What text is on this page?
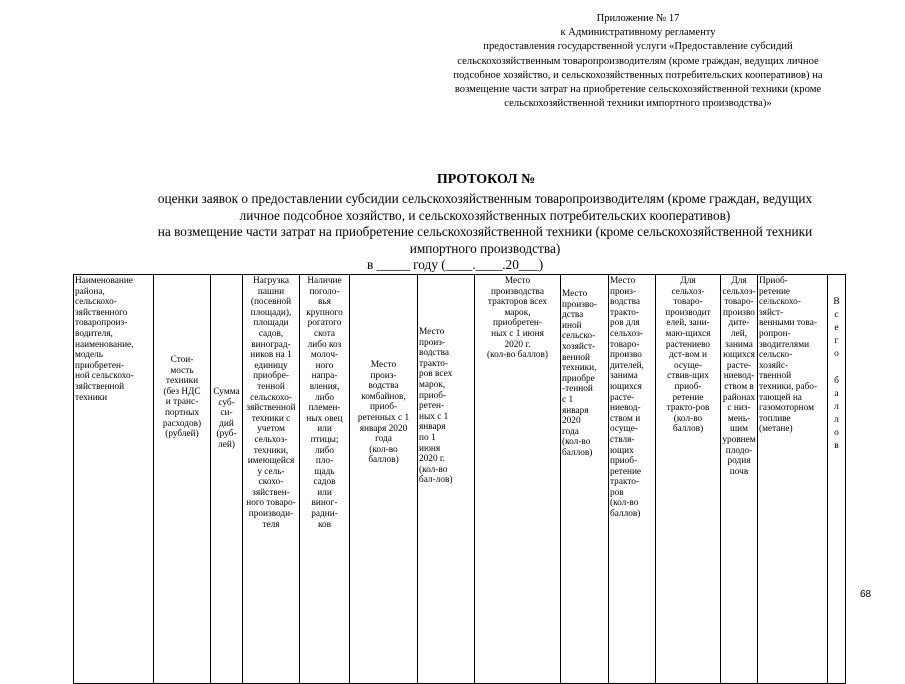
Приложение № 17
к Административному регламенту
предоставления государственной услуги «Предоставление субсидий
сельскохозяйственным товаропроизводителям (кроме граждан, ведущих личное
подсобное хозяйство, и сельскохозяйственных потребительских кооперативов) на
возмещение части затрат на приобретение сельскохозяйственной техники (кроме
сельскохозяйственной техники импортного производства)»
ПРОТОКОЛ №
оценки заявок о предоставлении субсидии сельскохозяйственным товаропроизводителям (кроме граждан, ведущих
личное подсобное хозяйство, и сельскохозяйственных потребительских кооперативов)
на возмещение части затрат на приобретение сельскохозяйственной техники (кроме сельскохозяйственной техники
импортного производства)
в _____ году (____.____.20___)
Наименование
района,
сельскохо-
зяйственного
товаропроиз-
водителя,
наименование,
модель
приобретен-
ной сельскохо-
зяйственной
техники

Стои-
мость
техники
(без НДС
и транс-
портных
расходов)
(рублей)

Сумма
суб-
си-
дий
(руб-
лей)

Нагрузка
пашни
(посевной
площади),
площади
садов,
виноград-
ников на 1
единицу
приобре-
тенной
сельскохо-
зяйственной
техники с
учетом
сельхоз-
техники,
имеющейся
у сель-
скохо-
зяйствен-
ного товаро-
производи-
теля

Наличие
поголо-
вья
крупного
рогатого
скота
либо коз
молоч-
ного
напра-
вления,
либо
племен-
ных овец
или
птицы;
либо
пло-
щадь
садов
или
виног-
радни-
ков

Место
произ-
водства
комбайнов,
приоб-
ретенных с 1
января 2020
года
(кол-во
баллов)

Место
произ-
водства
тракто-
ров всех
марок,
приоб-
ретен-
ных с 1
января
по 1
июня
2020 г.
(кол-во
бал-лов)

Место
производства
тракторов всех
марок,
приобретен-
ных с 1 июня
2020 г.
(кол-во баллов)

Место
произво-
дства
иной
сельско-
хозяйст-
венной
техники,
приобре
-тенной
с 1
января
2020
года
(кол-во
баллов)

Место
произ-
водства
тракто-
ров для
сельхоз-
товаро-
произво
дителей,
занима
ющихся
расте-
ниевод-
ством и
осуще-
ствля-
ющих
приоб-
ретение
тракто-
ров
(кол-во
баллов)

Для
сельхоз-
товаро-
производит
елей, зани-
маю-щихся
растениево
дст-вом и
осуще-
ствив-щих
приоб-
ретение
тракто-ров
(кол-во
баллов)

Для
сельхоз-
товаро-
произво
дите-
лей,
занима
ющихся
расте-
ниевод-
ством в
районах
с низ-
мень-
шим
уровнем
плодо-
родия
почв

Приоб-
ретение
сельскохо-
зяйст-
венными това-
ропрон-
зводителями
сельско-
хозяйс-
твенной
техники, рабо-
тающей на
газомоторном
топливе
(метане)

В
с
е
г
о

б
а
л
л
о
в
68
